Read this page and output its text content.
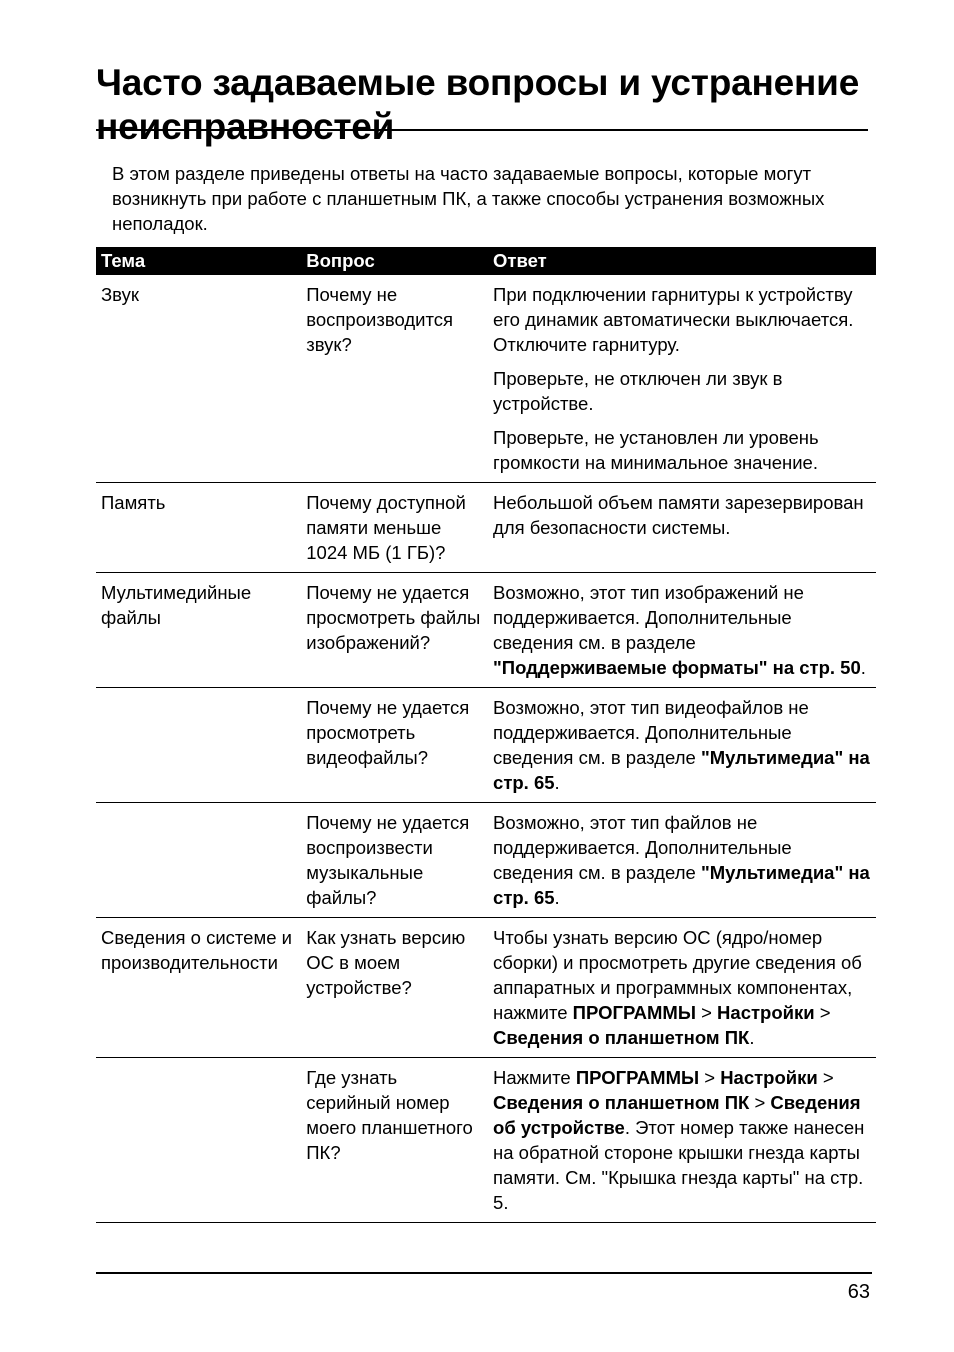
Часто задаваемые вопросы и устранение неисправностей

В этом разделе приведены ответы на часто задаваемые вопросы, которые могут возникнуть при работе с планшетным ПК, а также способы устранения возможных неполадок.

Тема	Вопрос	Ответ
Звук	Почему не воспроизводится звук?	При подключении гарнитуры к устройству его динамик автоматически выключается. Отключите гарнитуру.

Проверьте, не отключен ли звук в устройстве.

Проверьте, не установлен ли уровень громкости на минимальное значение.

Память	Почему доступной памяти меньше 1024 МБ (1 ГБ)?	Небольшой объем памяти зарезервирован для безопасности системы.

Мультимедийные файлы	Почему не удается просмотреть файлы изображений?	Возможно, этот тип изображений не поддерживается. Дополнительные сведения см. в разделе "Поддерживаемые форматы" на стр. 50.

	Почему не удается просмотреть видеофайлы?	Возможно, этот тип видеофайлов не поддерживается. Дополнительные сведения см. в разделе "Мультимедиа" на стр. 65.

	Почему не удается воспроизвести музыкальные файлы?	Возможно, этот тип файлов не поддерживается. Дополнительные сведения см. в разделе "Мультимедиа" на стр. 65.

Сведения о системе и производительности	Как узнать версию ОС в моем устройстве?	Чтобы узнать версию ОС (ядро/номер сборки) и просмотреть другие сведения об аппаратных и программных компонентах, нажмите ПРОГРАММЫ > Настройки > Сведения о планшетном ПК.

	Где узнать серийный номер моего планшетного ПК?	Нажмите ПРОГРАММЫ > Настройки > Сведения о планшетном ПК > Сведения об устройстве. Этот номер также нанесен на обратной стороне крышки гнезда карты памяти. См. "Крышка гнезда карты" на стр. 5.

63
